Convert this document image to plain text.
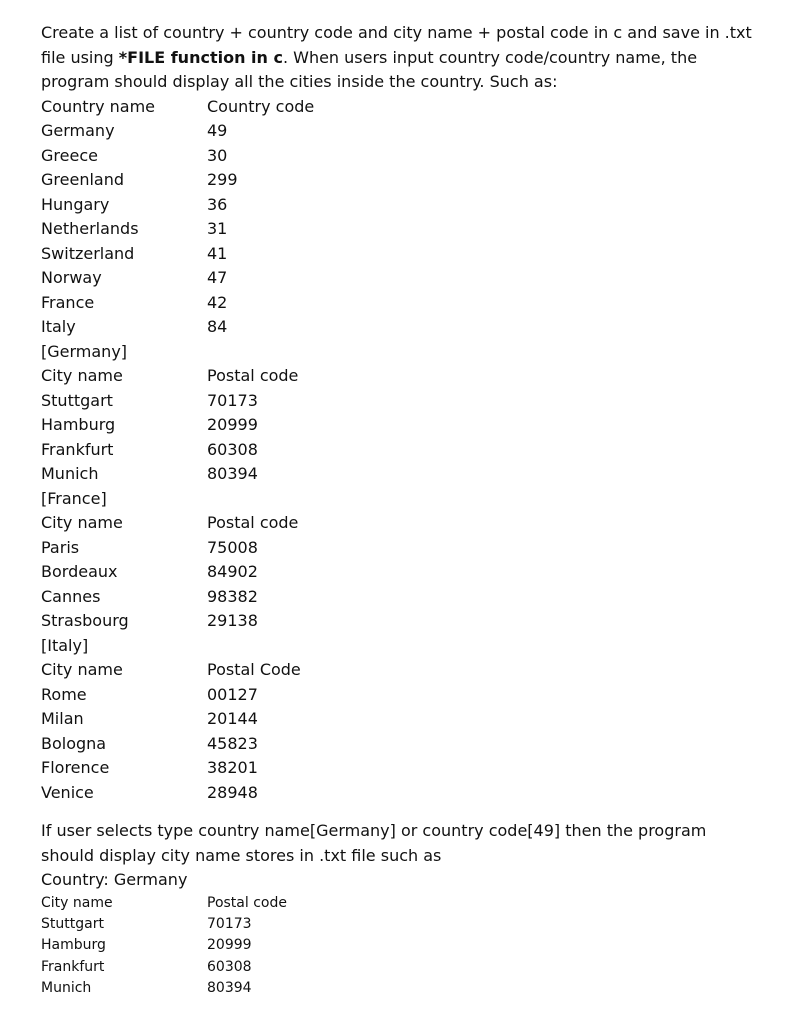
Create a list of country + country code and city name + postal code in c and save in .txt file using *FILE function in c. When users input country code/country name, the program should display all the cities inside the country. Such as:

Country name	Country code
Germany	49
Greece	30
Greenland	299
Hungary	36
Netherlands	31
Switzerland	41
Norway	47
France	42
Italy	84
[Germany]
City name	Postal code
Stuttgart	70173
Hamburg	20999
Frankfurt	60308
Munich	80394
[France]
City name	Postal code
Paris	75008
Bordeaux	84902
Cannes	98382
Strasbourg	29138
[Italy]
City name	Postal Code
Rome	00127
Milan	20144
Bologna	45823
Florence	38201
Venice	28948

If user selects type country name[Germany] or country code[49] then the program should display city name stores in .txt file such as

Country: Germany
City name	Postal code
Stuttgart	70173
Hamburg	20999
Frankfurt	60308
Munich	80394
